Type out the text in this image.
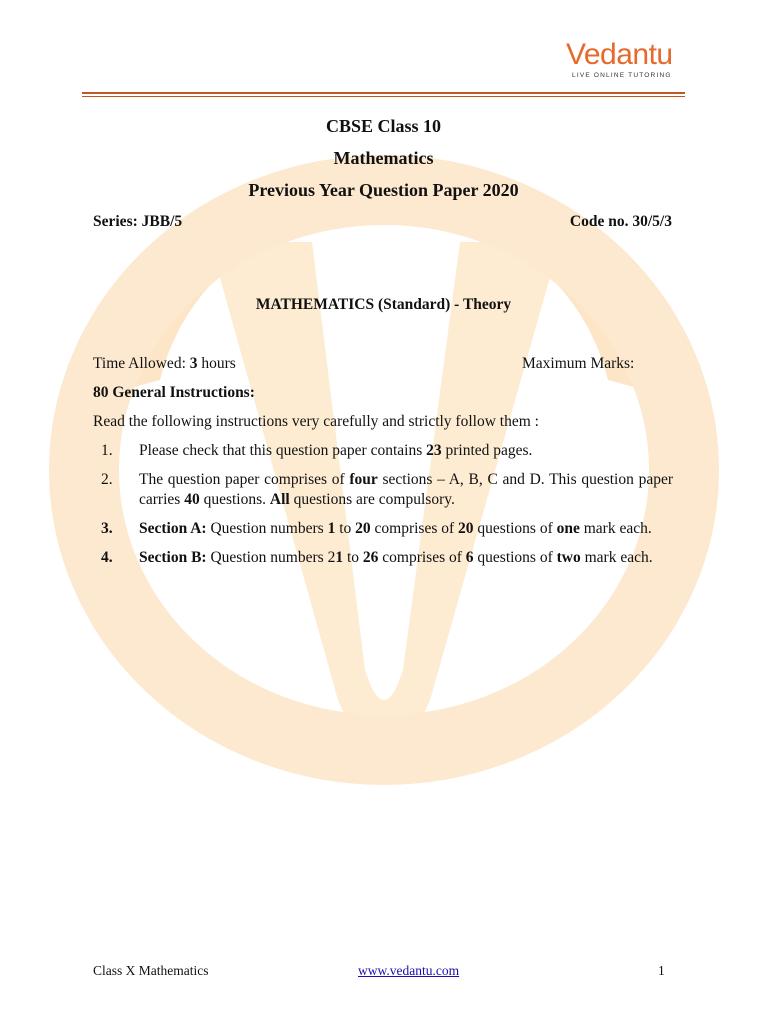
Vedantu
LIVE ONLINE TUTORING
CBSE Class 10
Mathematics
Previous Year Question Paper 2020
Series: JBB/5	Code no. 30/5/3
MATHEMATICS (Standard) - Theory
Time Allowed: 3 hours	Maximum Marks:
80 General Instructions:
Read the following instructions very carefully and strictly follow them :
1. Please check that this question paper contains 23 printed pages.
2. The question paper comprises of four sections – A, B, C and D. This question paper carries 40 questions. All questions are compulsory.
3. Section A: Question numbers 1 to 20 comprises of 20 questions of one mark each.
4. Section B: Question numbers 21 to 26 comprises of 6 questions of two mark each.
Class X Mathematics	www.vedantu.com	1
